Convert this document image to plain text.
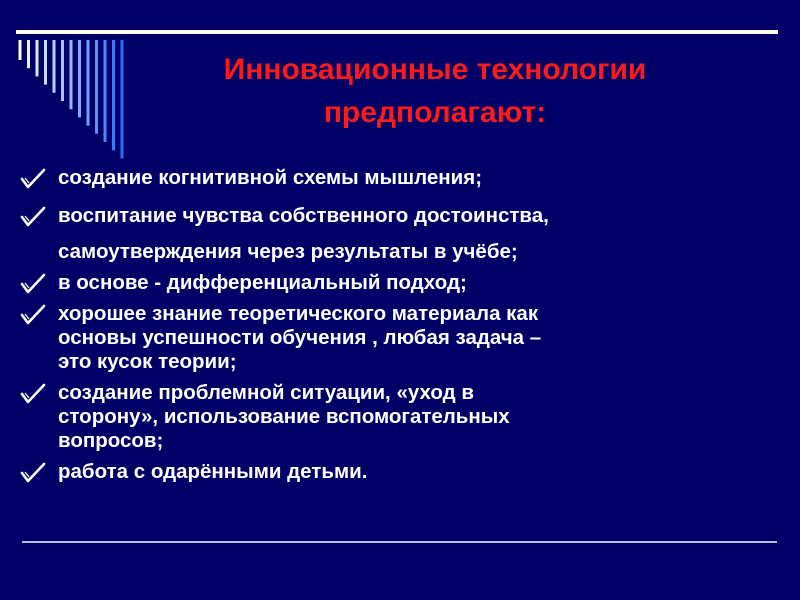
Инновационные технологии
предполагают:
создание когнитивной схемы мышления;
воспитание чувства собственного достоинства,
самоутверждения через результаты в учёбе;
в основе - дифференциальный подход;
хорошее знание теоретического материала как
основы успешности обучения , любая задача –
это кусок теории;
создание проблемной ситуации, «уход в
сторону», использование вспомогательных
вопросов;
работа с одарёнными детьми.
